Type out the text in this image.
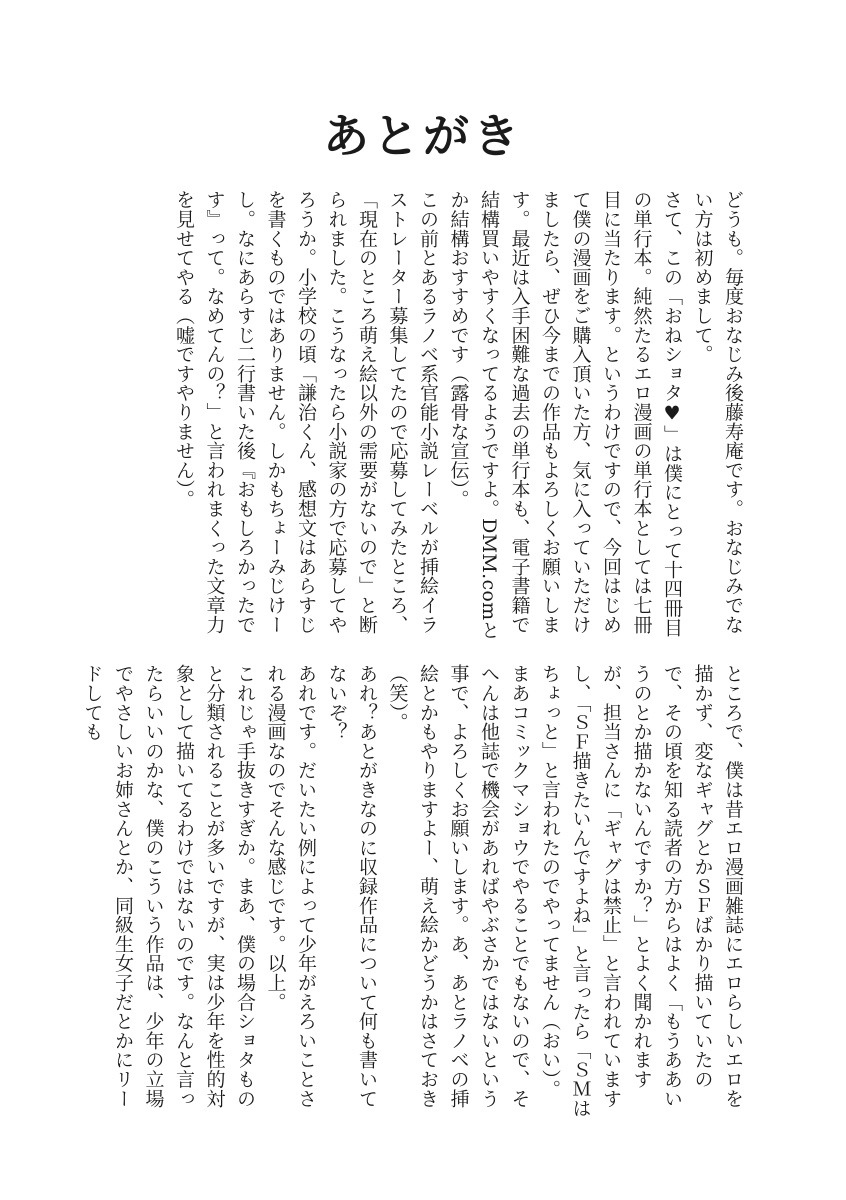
あとがき

どうも。毎度おなじみ後藤寿庵です。おなじみでない方は初めまして。

さて、この「おねショタ♥」は僕にとって十四冊目の単行本。純然たるエロ漫画の単行本としては七冊目に当たります。というわけですので、今回はじめて僕の漫画をご購入頂いた方、気に入っていただけましたら、ぜひ今までの作品もよろしくお願いします。最近は入手困難な過去の単行本も、電子書籍で結構買いやすくなってるようですよ。DMM.comとか結構おすすめです（露骨な宣伝）。

この前とあるラノベ系官能小説レーベルが挿絵イラストレーター募集してたので応募してみたところ、「現在のところ萌え絵以外の需要がないので」と断られました。こうなったら小説家の方で応募してやろうか。小学校の頃「謙治くん、感想文はあらすじを書くものではありません。しかもちょーみじけーし。なにあらすじ二行書いた後『おもしろかったです』って。なめてんの？」と言われまくった文章力を見せてやる（嘘ですやりません）。

ところで、僕は昔エロ漫画雑誌にエロらしいエロを描かず、変なギャグとかＳＦばかり描いていたので、その頃を知る読者の方からはよく「もうああいうのとか描かないんですか？」とよく聞かれますが、担当さんに「ギャグは禁止」と言われていますし、「ＳＦ描きたいんですよね」と言ったら「ＳＭはちょっと」と言われたのでやってません（おい）。

まあコミックマショウでやることでもないので、そへんは他誌で機会があればやぶさかではないという事で、よろしくお願いします。あ、あとラノベの挿絵とかもやりますよー、萌え絵かどうかはさておき（笑）。

あれ？あとがきなのに収録作品について何も書いてないぞ？

あれです。だいたい例によって少年がえろいことされる漫画なのでそんな感じです。以上。

これじゃ手抜きすぎか。まあ、僕の場合ショタものと分類されることが多いですが、実は少年を性的対象として描いてるわけではないのです。なんと言ったらいいのかな、僕のこういう作品は、少年の立場でやさしいお姉さんとか、同級生女子だとかにリードしても
